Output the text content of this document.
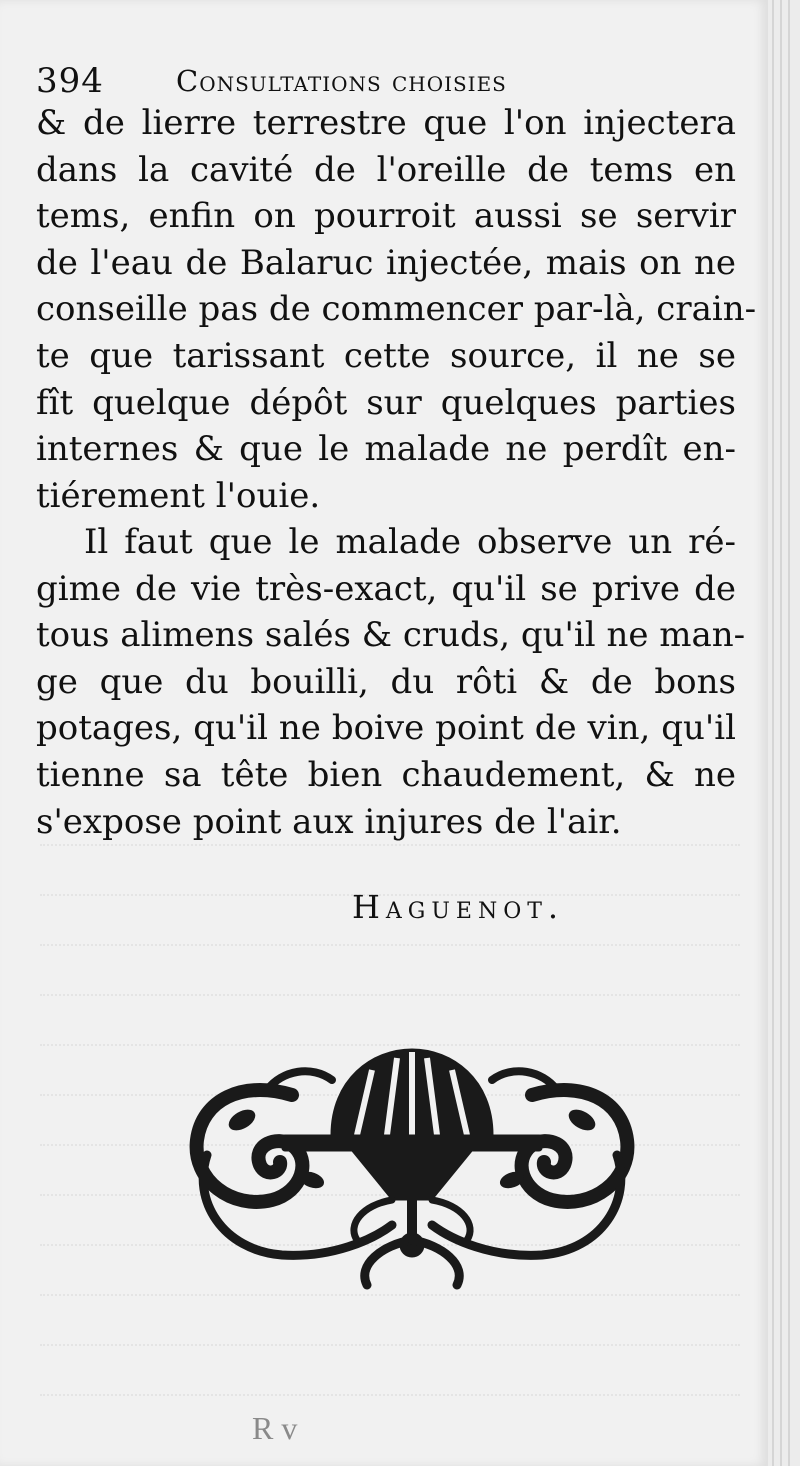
394 Consultations choisies
& de lierre terrestre que l'on injectera
dans la cavité de l'oreille de tems en
tems, enfin on pourroit aussi se servir
de l'eau de Balaruc injectée, mais on ne
conseille pas de commencer par-là, crain-
te que tarissant cette source, il ne se
fît quelque dépôt sur quelques parties
internes & que le malade ne perdît en-
tiérement l'ouie.
Il faut que le malade observe un ré-
gime de vie très-exact, qu'il se prive de
tous alimens salés & cruds, qu'il ne man-
ge que du bouilli, du rôti & de bons
potages, qu'il ne boive point de vin, qu'il
tienne sa tête bien chaudement, & ne
s'expose point aux injures de l'air.
Haguenot.
R v
